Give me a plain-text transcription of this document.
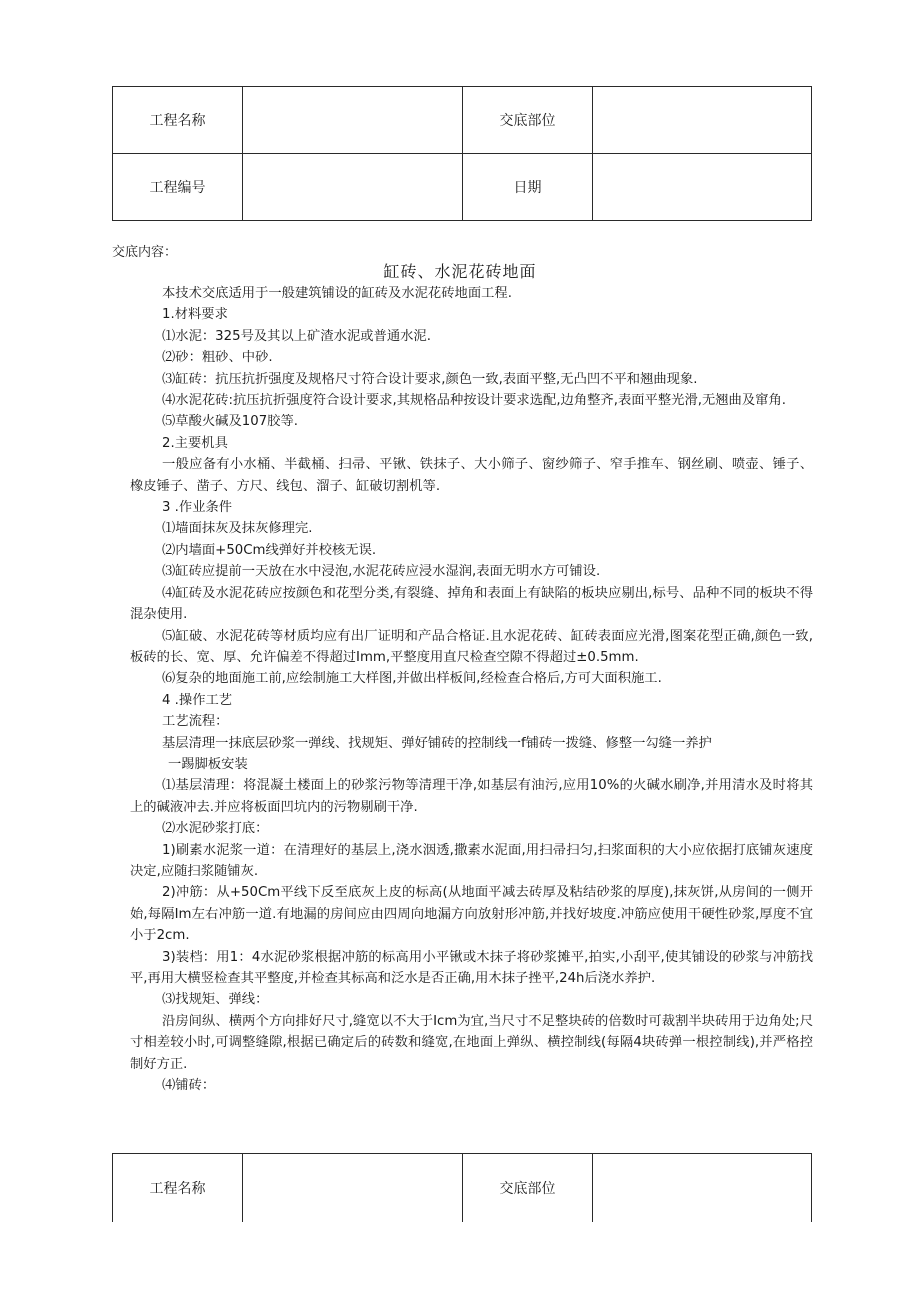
工程名称		交底部位	
工程编号		日期	
交底内容：
缸砖、水泥花砖地面

本技术交底适用于一般建筑铺设的缸砖及水泥花砖地面工程.

1.材料要求

⑴水泥：325号及其以上矿渣水泥或普通水泥.

⑵砂：粗砂、中砂.

⑶缸砖：抗压抗折强度及规格尺寸符合设计要求,颜色一致,表面平整,无凸凹不平和翘曲现象.

⑷水泥花砖:抗压抗折强度符合设计要求,其规格品种按设计要求选配,边角整齐,表面平整光滑,无翘曲及窜角.

⑸草酸火碱及107胶等.

2.主要机具

一般应备有小水桶、半截桶、扫帚、平锹、铁抹子、大小筛子、窗纱筛子、窄手推车、钢丝刷、喷壶、锤子、橡皮锤子、凿子、方尺、线包、溜子、缸破切割机等.

3 .作业条件

⑴墙面抹灰及抹灰修理完.

⑵内墙面+50Cm线弹好并校核无误.

⑶缸砖应提前一天放在水中浸泡,水泥花砖应浸水湿润,表面无明水方可铺设.

⑷缸砖及水泥花砖应按颜色和花型分类,有裂缝、掉角和表面上有缺陷的板块应剔出,标号、品种不同的板块不得混杂使用.

⑸缸破、水泥花砖等材质均应有出厂证明和产品合格证.且水泥花砖、缸砖表面应光滑,图案花型正确,颜色一致,板砖的长、宽、厚、允许偏差不得超过Imm,平整度用直尺检查空隙不得超过±0.5mm.

⑹复杂的地面施工前,应绘制施工大样图,并做出样板间,经检查合格后,方可大面积施工.

4 .操作工艺

工艺流程：

基层清理一抹底层砂浆一弹线、找规矩、弹好铺砖的控制线一f铺砖一拨缝、修整一勾缝一养护

一踢脚板安装

⑴基层清理：将混凝土楼面上的砂浆污物等清理干净,如基层有油污,应用10%的火碱水刷净,并用清水及时将其上的碱液冲去.并应将板面凹坑内的污物剔刷干净.

⑵水泥砂浆打底：

1)刷素水泥浆一道：在清理好的基层上,浇水洇透,撒素水泥面,用扫帚扫匀,扫浆面积的大小应依据打底铺灰速度决定,应随扫浆随铺灰.

2)冲筋：从+50Cm平线下反至底灰上皮的标高(从地面平减去砖厚及粘结砂浆的厚度),抹灰饼,从房间的一侧开始,每隔Im左右冲筋一道.有地漏的房间应由四周向地漏方向放射形冲筋,并找好坡度.冲筋应使用干硬性砂浆,厚度不宜小于2cm.

3)装档：用1：4水泥砂浆根据冲筋的标高用小平锹或木抹子将砂浆摊平,拍实,小刮平,使其铺设的砂浆与冲筋找平,再用大横竖检查其平整度,并检查其标高和泛水是否正确,用木抹子挫平,24h后浇水养护.

⑶找规矩、弹线：

沿房间纵、横两个方向排好尺寸,缝宽以不大于Icm为宜,当尺寸不足整块砖的倍数时可裁割半块砖用于边角处;尺寸相差较小时,可调整缝隙,根据已确定后的砖数和缝宽,在地面上弹纵、横控制线(每隔4块砖弹一根控制线),并严格控制好方正.

⑷铺砖：

工程名称		交底部位	
